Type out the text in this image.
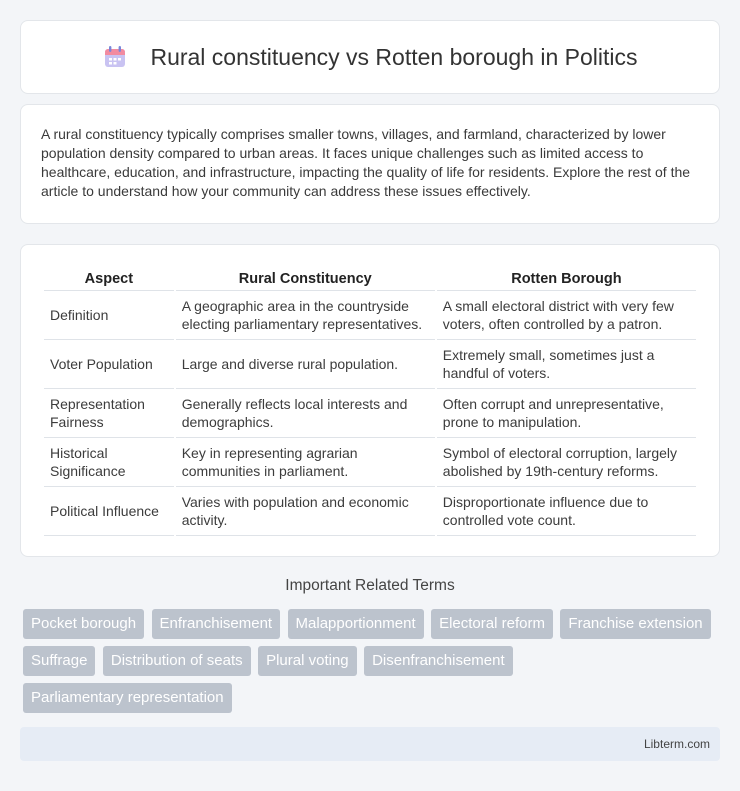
Rural constituency vs Rotten borough in Politics

A rural constituency typically comprises smaller towns, villages, and farmland, characterized by lower population density compared to urban areas. It faces unique challenges such as limited access to healthcare, education, and infrastructure, impacting the quality of life for residents. Explore the rest of the article to understand how your community can address these issues effectively.

Aspect	Rural Constituency	Rotten Borough
Definition	A geographic area in the countryside electing parliamentary representatives.	A small electoral district with very few voters, often controlled by a patron.
Voter Population	Large and diverse rural population.	Extremely small, sometimes just a handful of voters.
Representation Fairness	Generally reflects local interests and demographics.	Often corrupt and unrepresentative, prone to manipulation.
Historical Significance	Key in representing agrarian communities in parliament.	Symbol of electoral corruption, largely abolished by 19th-century reforms.
Political Influence	Varies with population and economic activity.	Disproportionate influence due to controlled vote count.
Important Related Terms
Pocket borough Enfranchisement Malapportionment Electoral reform Franchise extension Suffrage Distribution of seats Plural voting Disenfranchisement Parliamentary representation
Libterm.com
